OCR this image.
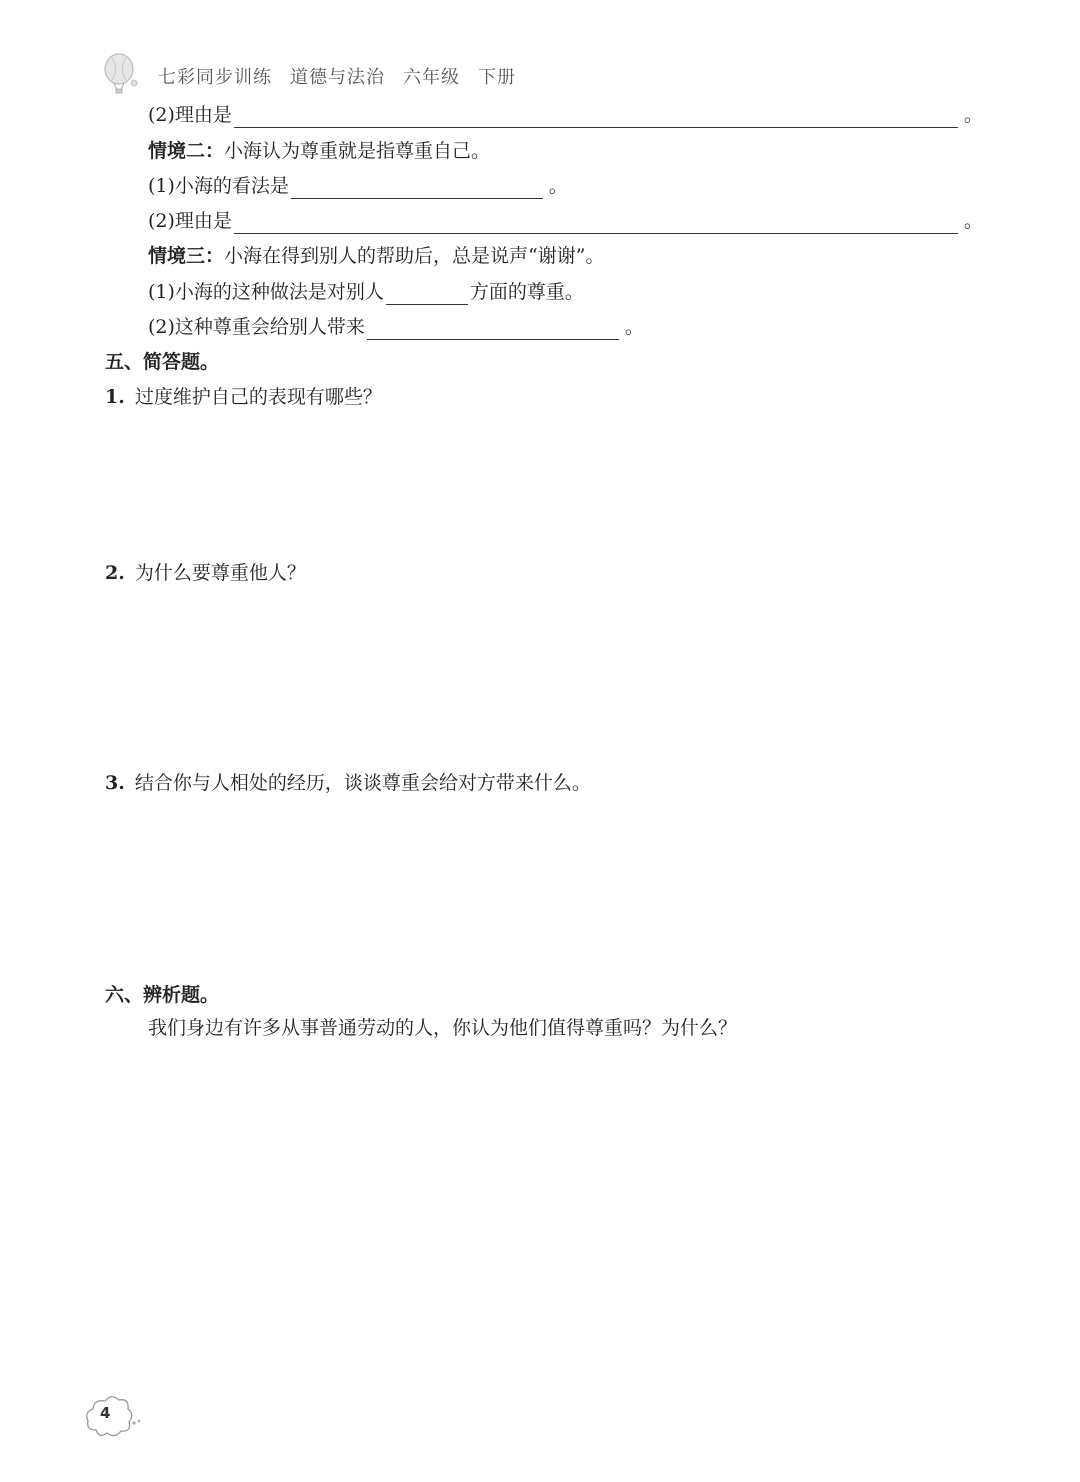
七彩同步训练 道德与法治 六年级 下册
(2)理由是	。
情境二： 小海认为尊重就是指尊重自己。
(1)小海的看法是	。
(2)理由是	。
情境三： 小海在得到别人的帮助后，总是说声“谢谢”。
(1)小海的这种做法是对别人	方面的尊重。
(2)这种尊重会给别人带来	。
五、简答题。
1. 过度维护自己的表现有哪些？
2. 为什么要尊重他人？
3. 结合你与人相处的经历，谈谈尊重会给对方带来什么。
六、辨析题。
我们身边有许多从事普通劳动的人，你认为他们值得尊重吗？为什么？
4
